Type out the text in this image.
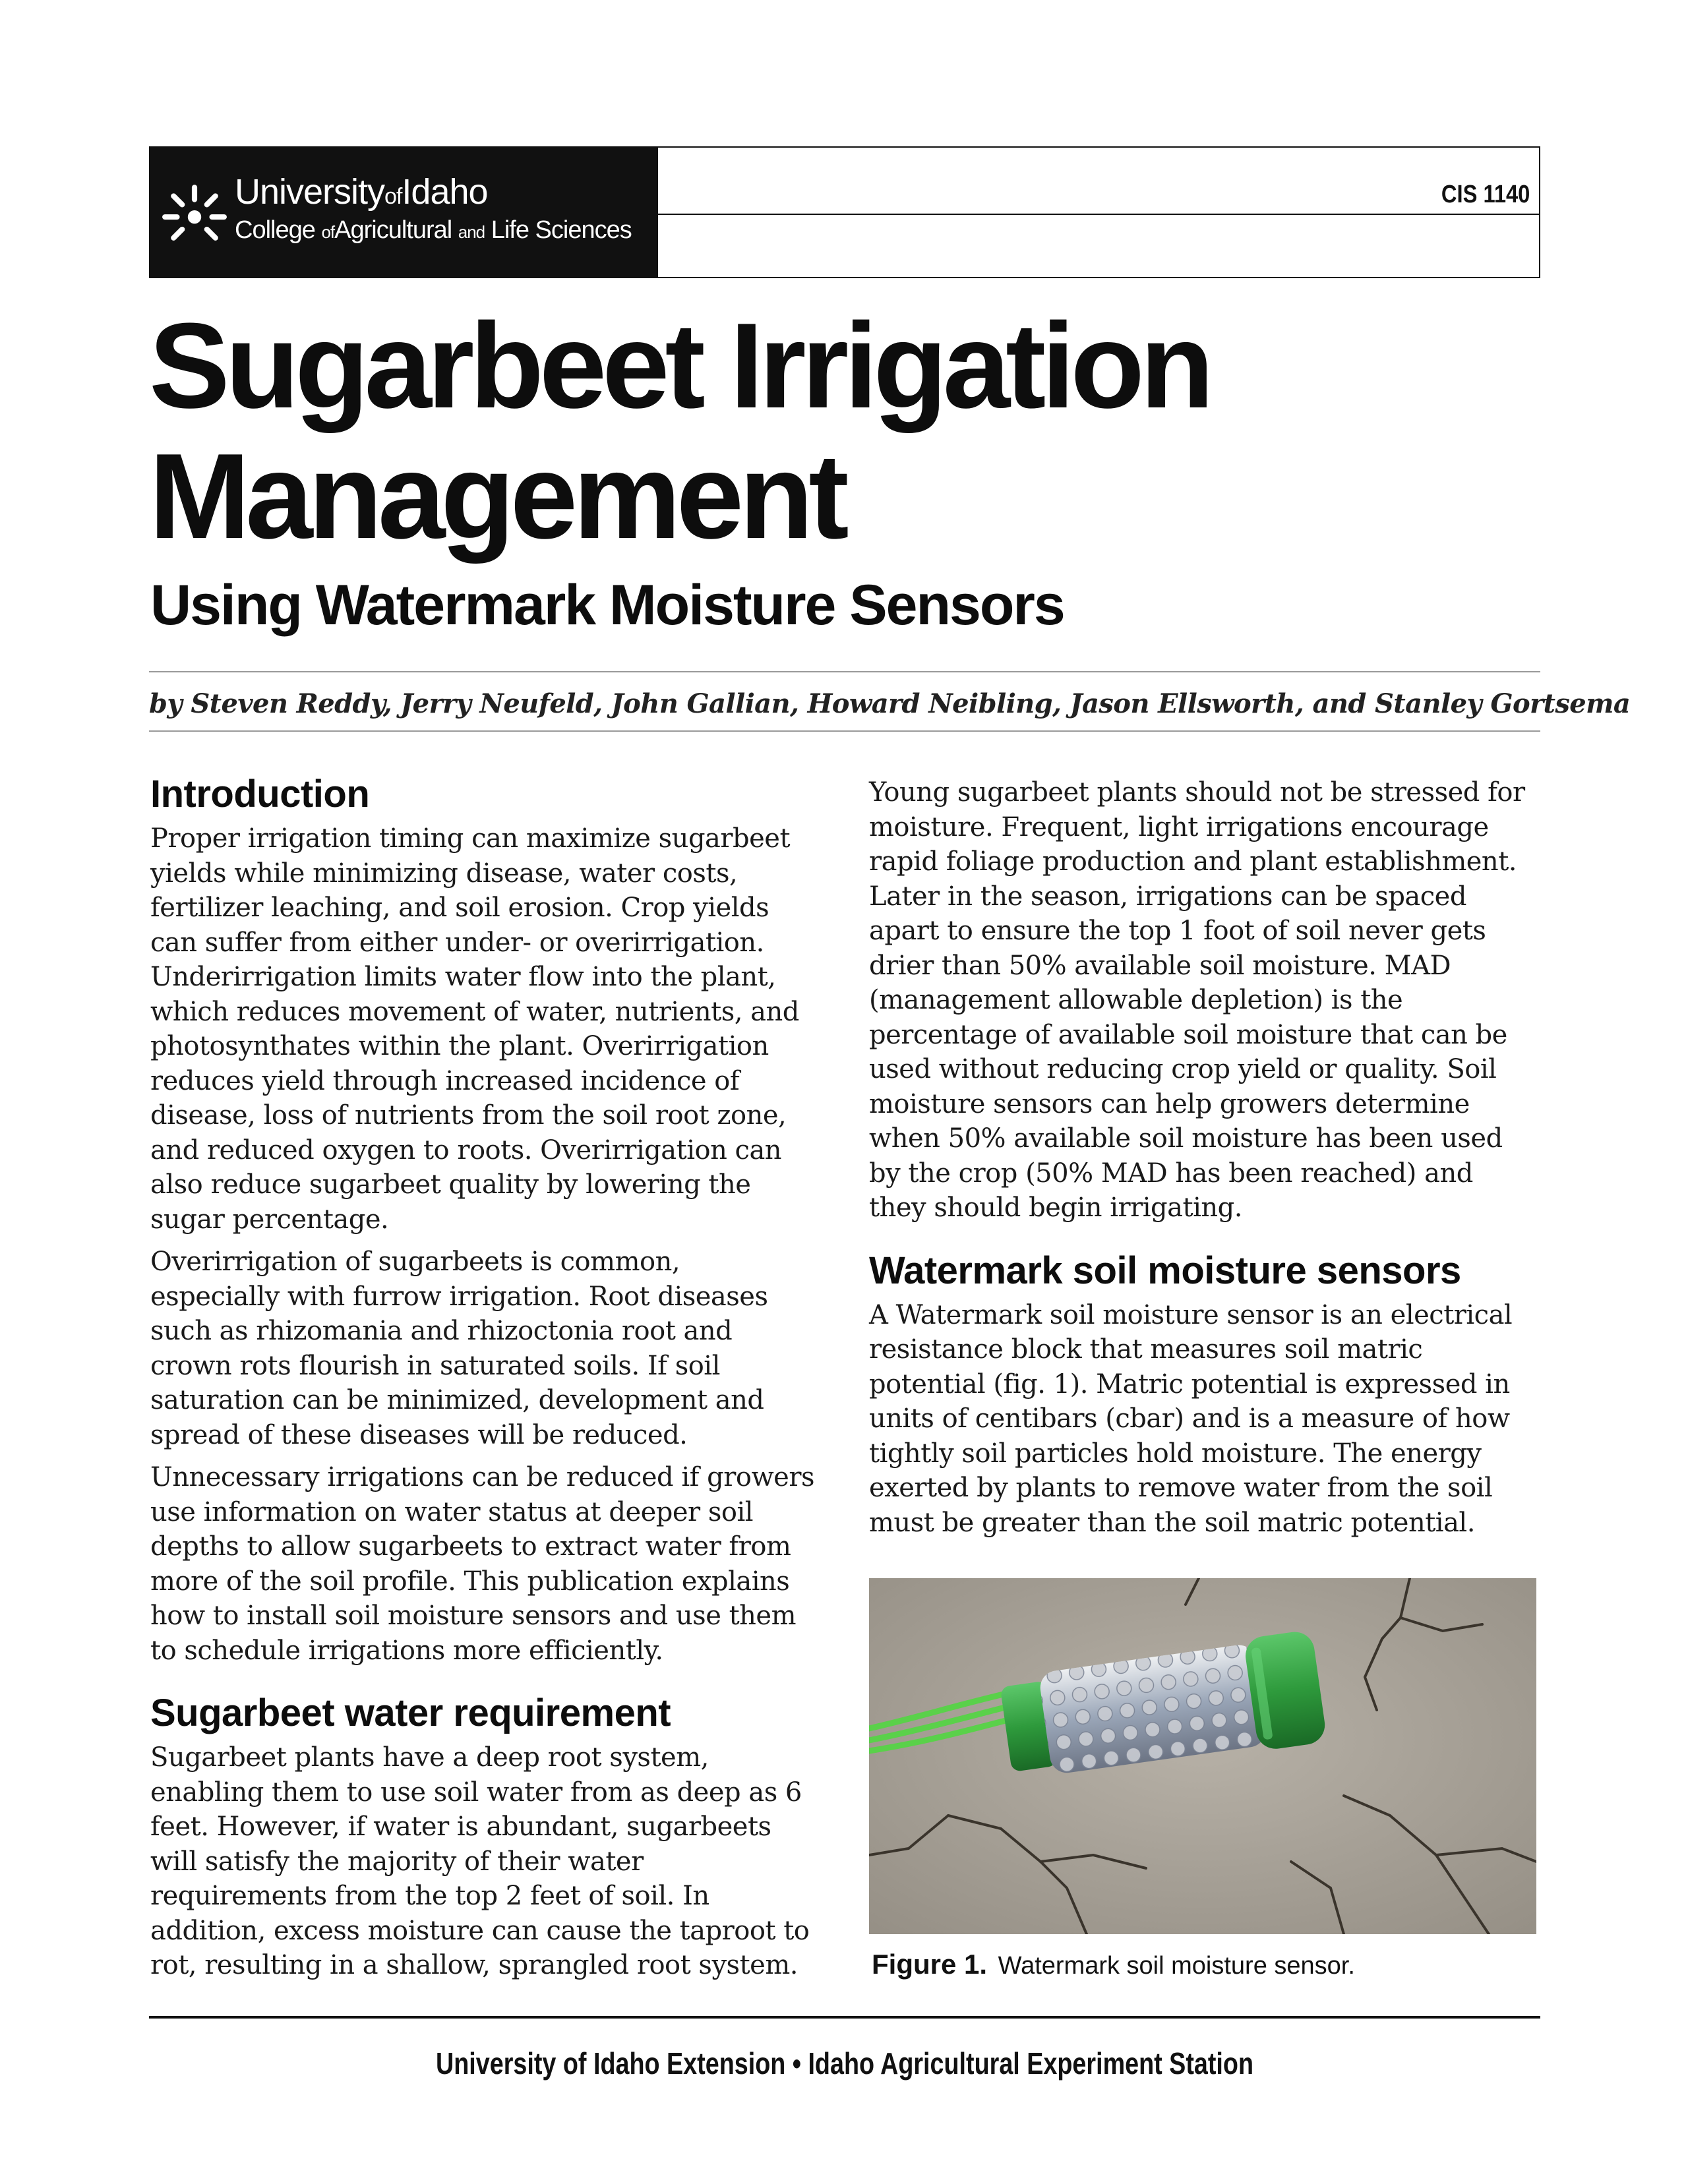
UniversityofIdaho
College ofAgricultural and Life Sciences
CIS 1140
Sugarbeet Irrigation
Management
Using Watermark Moisture Sensors

by Steven Reddy, Jerry Neufeld, John Gallian, Howard Neibling, Jason Ellsworth, and Stanley Gortsema

Introduction

Proper irrigation timing can maximize sugarbeet yields while minimizing disease, water costs, fertilizer leaching, and soil erosion. Crop yields can suffer from either under- or overirrigation. Underirrigation limits water flow into the plant, which reduces movement of water, nutrients, and photosynthates within the plant. Overirrigation reduces yield through increased incidence of disease, loss of nutrients from the soil root zone, and reduced oxygen to roots. Overirrigation can also reduce sugarbeet quality by lowering the sugar percentage.

Overirrigation of sugarbeets is common, especially with furrow irrigation. Root diseases such as rhizomania and rhizoctonia root and crown rots flourish in saturated soils. If soil saturation can be minimized, development and spread of these diseases will be reduced.

Unnecessary irrigations can be reduced if growers use information on water status at deeper soil depths to allow sugarbeets to extract water from more of the soil profile. This publication explains how to install soil moisture sensors and use them to schedule irrigations more efficiently.

Sugarbeet water requirement

Sugarbeet plants have a deep root system, enabling them to use soil water from as deep as 6 feet. However, if water is abundant, sugarbeets will satisfy the majority of their water requirements from the top 2 feet of soil. In addition, excess moisture can cause the taproot to rot, resulting in a shallow, sprangled root system.

Young sugarbeet plants should not be stressed for moisture. Frequent, light irrigations encourage rapid foliage production and plant establishment. Later in the season, irrigations can be spaced apart to ensure the top 1 foot of soil never gets drier than 50% available soil moisture. MAD (management allowable depletion) is the percentage of available soil moisture that can be used without reducing crop yield or quality. Soil moisture sensors can help growers determine when 50% available soil moisture has been used by the crop (50% MAD has been reached) and they should begin irrigating.

Watermark soil moisture sensors

A Watermark soil moisture sensor is an electrical resistance block that measures soil matric potential (fig. 1). Matric potential is expressed in units of centibars (cbar) and is a measure of how tightly soil particles hold moisture. The energy exerted by plants to remove water from the soil must be greater than the soil matric potential.

Figure 1. Watermark soil moisture sensor.

University of Idaho Extension • Idaho Agricultural Experiment Station
